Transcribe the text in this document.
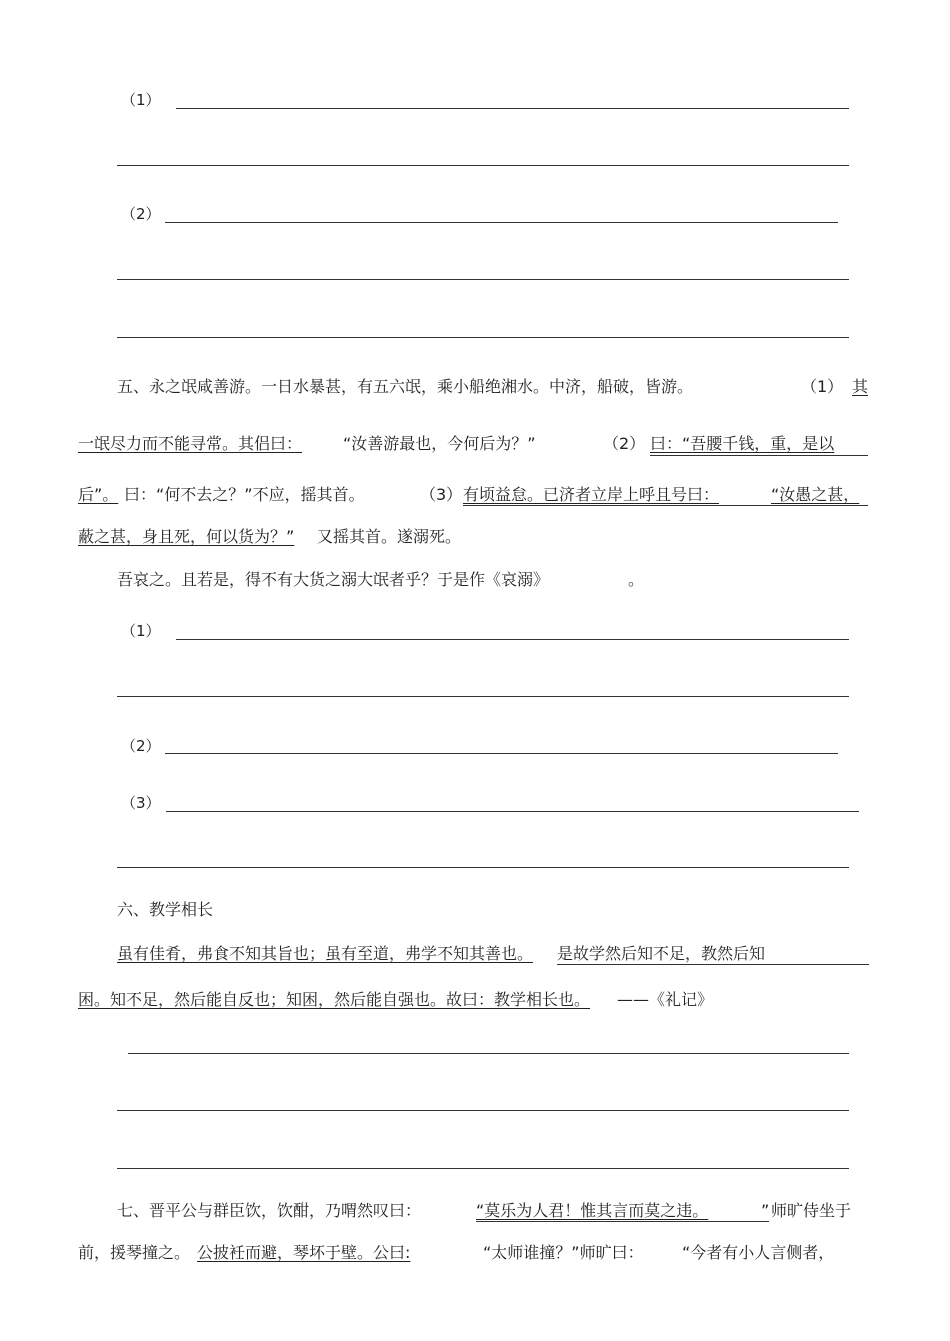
（1）
（2）
五、永之氓咸善游。一日水暴甚，有五六氓，乘小船绝湘水。中济，船破，皆游。	（1） 其
一氓尽力而不能寻常。其侣曰：	“汝善游最也，今何后为？”	（2） 曰：“吾腰千钱，重，是以
后”。 曰：“何不去之？”不应，摇其首。	（3） 有顷益怠。已济者立岸上呼且号曰：	“汝愚之甚，
蔽之甚，身且死，何以货为？” 又摇其首。遂溺死。
吾哀之。且若是，得不有大货之溺大氓者乎？于是作《哀溺》	。
（1）
（2）
（3）
六、教学相长
虽有佳肴，弗食不知其旨也；虽有至道，弗学不知其善也。 是故学然后知不足，教然后知
困。知不足，然后能自反也；知困，然后能自强也。故曰：教学相长也。 ——《礼记》
七、晋平公与群臣饮，饮酣，乃喟然叹曰：	“莫乐为人君！惟其言而莫之违。	” 师旷侍坐于
前，援琴撞之。 公披衽而避，琴坏于壁。公曰:	“太师谁撞？”师旷曰： “今者有小人言侧者，
